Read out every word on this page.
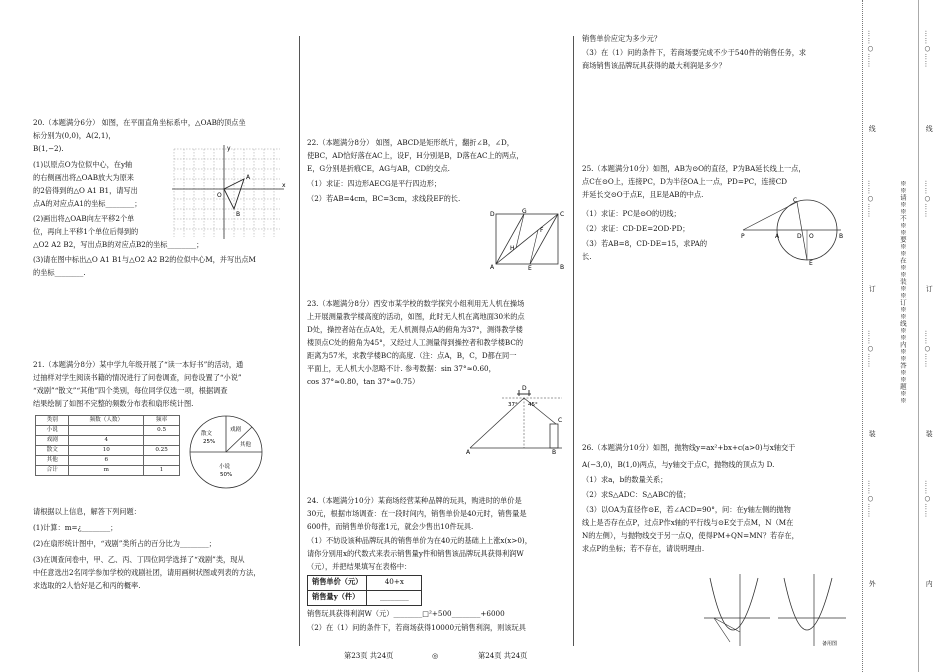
20.（本题满分6分） 如图，在平面直角坐标系中，△OAB的顶点坐

标分别为(0,0)，A(2,1)，

B(1,−2).

(1)以原点O为位似中心，在y轴

的右侧画出将△OAB放大为原来

的2倍得到的△O A1 B1，请写出

点A的对应点A1的坐标________；

(2)画出将△OAB向左平移2个单

位，再向上平移1个单位后得到的

△O2 A2 B2，写出点B的对应点B2的坐标________；

(3)请在图中标出△O A1 B1与△O2 A2 B2的位似中心M，并写出点M

的坐标________.

x
y
O
A
B

21.（本题满分8分）某中学九年级开展了“读一本好书”的活动，通

过抽样对学生阅读书籍的情况进行了问卷调查，问卷设置了“小说”

“戏剧”“散文”“其他”四个类别，每位同学仅选一项，根据调查

结果绘制了如图不完整的频数分布表和扇形统计图.

类别	频数（人数）	频率
小说		0.5
戏剧	4	
散文	10	0.25
其他	6	
合计	m	1
散文
25%
戏剧
其他
小说
50%

请根据以上信息，解答下列问题：

(1)计算：m=¿________；

(2)在扇形统计图中，“戏剧”类所占的百分比为________；

(3)在调查问卷中，甲、乙、丙、丁四位同学选择了“戏剧”类，现从

中任意选出2名同学参加学校的戏剧社团，请用画树状图或列表的方法，

求选取的2人恰好是乙和丙的概率.

22.（本题满分8分） 如图，ABCD是矩形纸片，翻折∠B，∠D，

使BC，AD恰好落在AC上，设F，H分别是B，D落在AC上的两点，

E，G分别是折痕CE，AG与AB，CD的交点.

（1）求证：四边形AECG是平行四边形；

（2）若AB=4cm，BC=3cm，求线段EF的长.

D	G	C
A	E	B
F
H

23.（本题满分8分）西安市某学校的数学探究小组利用无人机在操场

上开展测量教学楼高度的活动，如图，此时无人机在离地面30米的点

D处，操控者站在点A处，无人机测得点A的俯角为37°，测得教学楼

楼顶点C处的俯角为45°，又经过人工测量得到操控者和教学楼BC的

距离为57米，求教学楼BC的高度.（注：点A，B，C，D都在同一

平面上，无人机大小忽略不计. 参考数据：sin 37°≈0.60，

cos 37°≈0.80，tan 37°≈0.75）

D
37° 45°
C
A	B

24.（本题满分10分）某商场经营某种品牌的玩具，购进时的单价是

30元，根据市场调查：在一段时间内，销售单价是40元时，销售量是

600件，而销售单价每涨1元，就会少售出10件玩具.

（1）不妨设该种品牌玩具的销售单价为在40元的基础上上涨x(x>0)，

请你分别用x的代数式来表示销售量y件和销售该品牌玩具获得利润W

（元），并把结果填写在表格中：

销售单价（元）	40+x
销售量y（件）	________

销售玩具获得利润W（元）________□²+500________+6000

（2）在（1）问的条件下，若商场获得10000元销售利润，则该玩具

销售单价应定为多少元？

（3）在（1）问的条件下，若商场要完成不少于540件的销售任务，求

商场销售该品牌玩具获得的最大利润是多少？

25.（本题满分10分）如图，AB为⊙O的直径，P为BA延长线上一点，

点C在⊙O上，连接PC，D为半径OA上一点，PD=PC，连接CD

并延长交⊙O于点E，且E是AB的中点.

（1）求证：PC是⊙O的切线；

（2）求证：CD·DE=2OD·PD；

（3）若AB=8，CD·DE=15，求PA的

长.

C
P	A	D O	B
E

26.（本题满分10分）如图，抛物线y=ax²+bx+c(a>0)与x轴交于

A(−3,0)，B(1,0)两点，与y轴交于点C，抛物线的顶点为 D.

（1）求a，b的数量关系；

（2）求S△ADC：S△ABC的值；

（3）以OA为直径作⊙E，若∠ACD=90°，问：在y轴左侧的抛物

线上是否存在点P，过点P作x轴的平行线与⊙E交于点M，N（M在

N的左侧），与抛物线交于另一点Q，使得PM+QN=MN？若存在，

求点P的坐标；若不存在，请说明理由.

备用图
第23页 共24页	◎	第24页 共24页
……○……
线
……○……
订
……○……
装
……○……
外
※※请※※不※※要※※在※※装※※订※※线※※内※※答※※题※※
……○……
线
……○……
订
……○……
装
……○……
内
